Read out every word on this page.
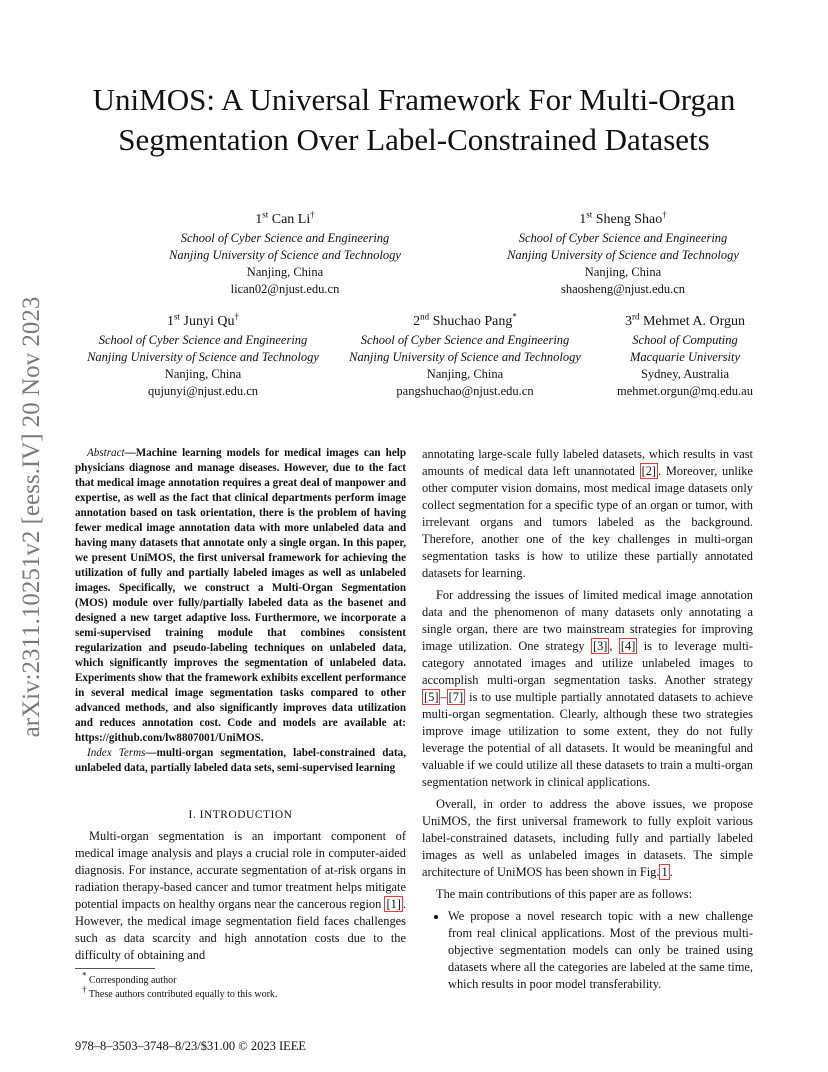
arXiv:2311.10251v2 [eess.IV] 20 Nov 2023
UniMOS: A Universal Framework For Multi-Organ Segmentation Over Label-Constrained Datasets
1st Can Li†
School of Cyber Science and Engineering
Nanjing University of Science and Technology
Nanjing, China
lican02@njust.edu.cn
1st Sheng Shao†
School of Cyber Science and Engineering
Nanjing University of Science and Technology
Nanjing, China
shaosheng@njust.edu.cn
1st Junyi Qu†
School of Cyber Science and Engineering
Nanjing University of Science and Technology
Nanjing, China
qujunyi@njust.edu.cn
2nd Shuchao Pang*
School of Cyber Science and Engineering
Nanjing University of Science and Technology
Nanjing, China
pangshuchao@njust.edu.cn
3rd Mehmet A. Orgun
School of Computing
Macquarie University
Sydney, Australia
mehmet.orgun@mq.edu.au

Abstract—Machine learning models for medical images can help physicians diagnose and manage diseases. However, due to the fact that medical image annotation requires a great deal of manpower and expertise, as well as the fact that clinical departments perform image annotation based on task orientation, there is the problem of having fewer medical image annotation data with more unlabeled data and having many datasets that annotate only a single organ. In this paper, we present UniMOS, the first universal framework for achieving the utilization of fully and partially labeled images as well as unlabeled images. Specifically, we construct a Multi-Organ Segmentation (MOS) module over fully/partially labeled data as the basenet and designed a new target adaptive loss. Furthermore, we incorporate a semi-supervised training module that combines consistent regularization and pseudo-labeling techniques on unlabeled data, which significantly improves the segmentation of unlabeled data. Experiments show that the framework exhibits excellent performance in several medical image segmentation tasks compared to other advanced methods, and also significantly improves data utilization and reduces annotation cost. Code and models are available at: https://github.com/lw8807001/UniMOS.

Index Terms—multi-organ segmentation, label-constrained data, unlabeled data, partially labeled data sets, semi-supervised learning

I. INTRODUCTION

Multi-organ segmentation is an important component of medical image analysis and plays a crucial role in computer-aided diagnosis. For instance, accurate segmentation of at-risk organs in radiation therapy-based cancer and tumor treatment helps mitigate potential impacts on healthy organs near the cancerous region [1] . However, the medical image segmentation field faces challenges such as data scarcity and high annotation costs due to the difficulty of obtaining and

annotating large-scale fully labeled datasets, which results in vast amounts of medical data left unannotated [2] . Moreover, unlike other computer vision domains, most medical image datasets only collect segmentation for a specific type of an organ or tumor, with irrelevant organs and tumors labeled as the background. Therefore, another one of the key challenges in multi-organ segmentation tasks is how to utilize these partially annotated datasets for learning.

For addressing the issues of limited medical image annotation data and the phenomenon of many datasets only annotating a single organ, there are two mainstream strategies for improving image utilization. One strategy [3] , [4] is to leverage multi-category annotated images and utilize unlabeled images to accomplish multi-organ segmentation tasks. Another strategy [5] – [7] is to use multiple partially annotated datasets to achieve multi-organ segmentation. Clearly, although these two strategies improve image utilization to some extent, they do not fully leverage the potential of all datasets. It would be meaningful and valuable if we could utilize all these datasets to train a multi-organ segmentation network in clinical applications.

Overall, in order to address the above issues, we propose UniMOS, the first universal framework to fully exploit various label-constrained datasets, including fully and partially labeled images as well as unlabeled images in datasets. The simple architecture of UniMOS has been shown in Fig. 1 .

The main contributions of this paper are as follows:

• We propose a novel research topic with a new challenge from real clinical applications. Most of the previous multi-objective segmentation models can only be trained using datasets where all the categories are labeled at the same time, which results in poor model transferability.
* Corresponding author
† These authors contributed equally to this work.
978–8–3503–3748–8/23/$31.00 © 2023 IEEE
